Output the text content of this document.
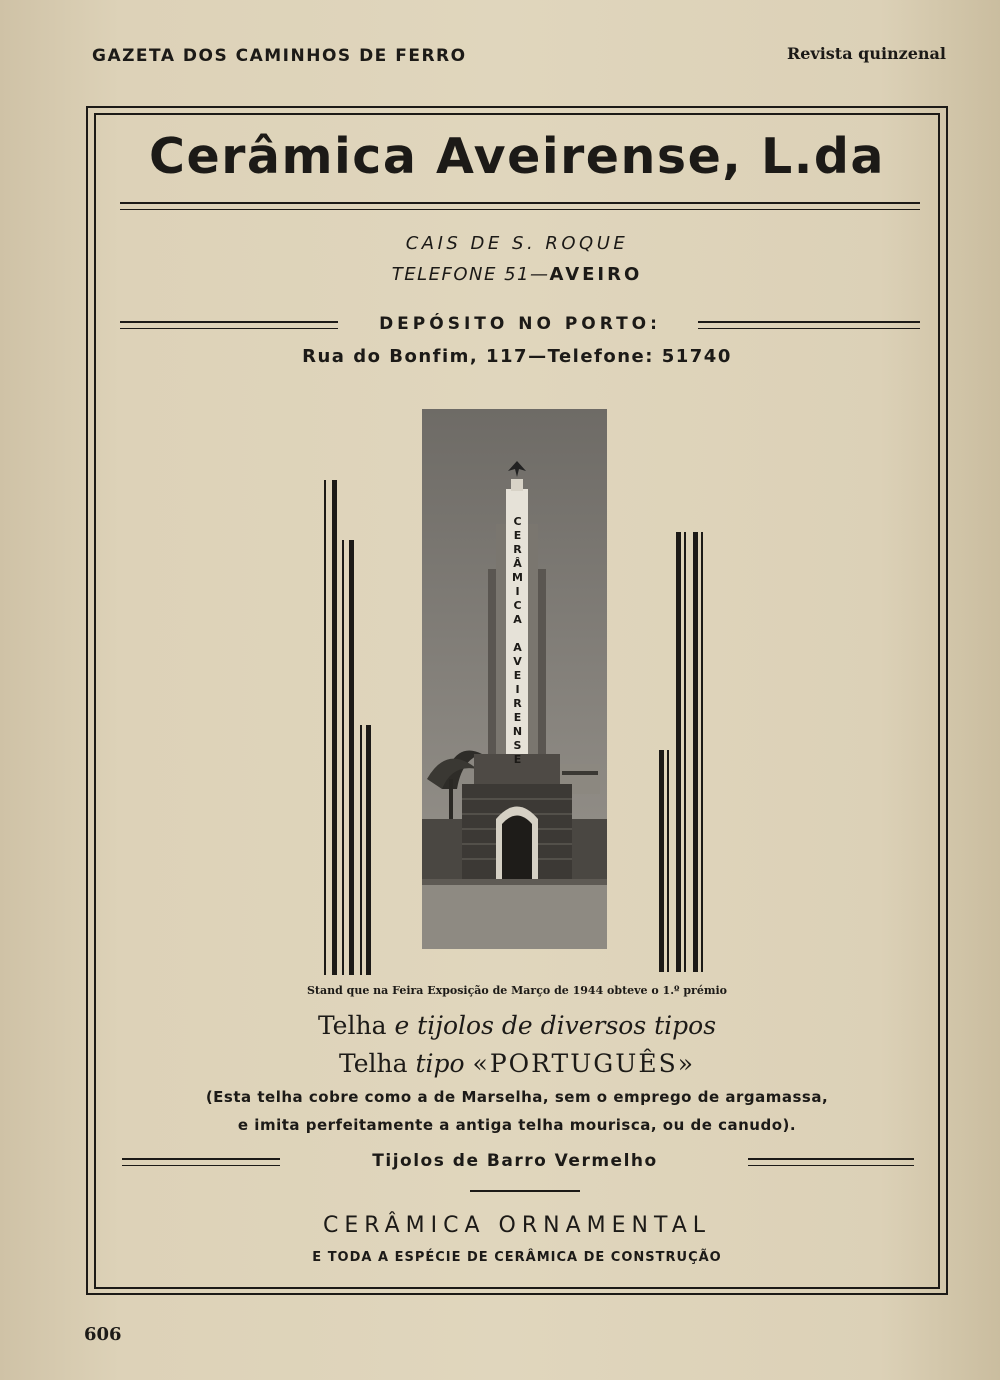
GAZETA DOS CAMINHOS DE FERRO	Revista quinzenal
Cerâmica Aveirense, L.da
CAIS DE S. ROQUE
TELEFONE 51—AVEIRO
DEPÓSITO NO PORTO:
Rua do Bonfim, 117—Telefone: 51740
CERÂMICA AVEIRENSE
Stand que na Feira Exposição de Março de 1944 obteve o 1.º prémio
Telha e tijolos de diversos tipos
Telha tipo «PORTUGUÊS»
(Esta telha cobre como a de Marselha, sem o emprego de argamassa,
e imita perfeitamente a antiga telha mourisca, ou de canudo).
Tijolos de Barro Vermelho
CERÂMICA ORNAMENTAL
E TODA A ESPÉCIE DE CERÂMICA DE CONSTRUÇÃO
606
